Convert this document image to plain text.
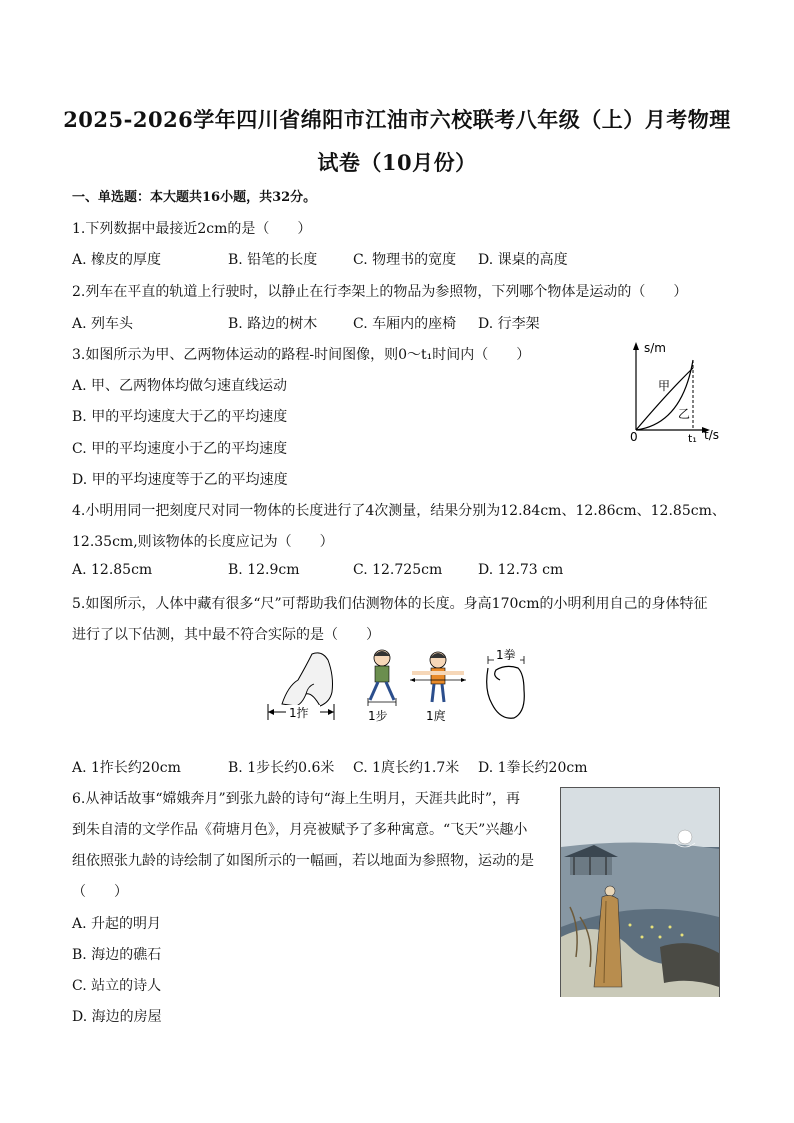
2025-2026学年四川省绵阳市江油市六校联考八年级（上）月考物理
试卷（10月份）
一、单选题：本大题共16小题，共32分。
1.下列数据中最接近2cm的是（　　）
A. 橡皮的厚度	B. 铅笔的长度	C. 物理书的宽度 D. 课桌的高度
2.列车在平直的轨道上行驶时，以静止在行李架上的物品为参照物，下列哪个物体是运动的（　　）
A. 列车头	B. 路边的树木	C. 车厢内的座椅 D. 行李架
3.如图所示为甲、乙两物体运动的路程-时间图像，则0～t₁时间内（　　）
A. 甲、乙两物体均做匀速直线运动
B. 甲的平均速度大于乙的平均速度
C. 甲的平均速度小于乙的平均速度
D. 甲的平均速度等于乙的平均速度
s/m
t/s
0	t₁
甲
乙
4.小明用同一把刻度尺对同一物体的长度进行了4次测量，结果分别为12.84cm、12.86cm、12.85cm、
12.35cm,则该物体的长度应记为（　　）
A. 12.85cm	B. 12.9cm	C. 12.725cm	D. 12.73 cm
5.如图所示，人体中藏有很多“尺”可帮助我们估测物体的长度。身高170cm的小明利用自己的身体特征
进行了以下估测，其中最不符合实际的是（　　）
1拃	1步	1庹
1拳
A. 1拃长约20cm	B. 1步长约0.6米 C. 1庹长约1.7米 D. 1拳长约20cm
6.从神话故事“嫦娥奔月”到张九龄的诗句“海上生明月，天涯共此时”，再
到朱自清的文学作品《荷塘月色》，月亮被赋予了多种寓意。“飞天”兴趣小
组依照张九龄的诗绘制了如图所示的一幅画，若以地面为参照物，运动的是
（　　）
A. 升起的明月
B. 海边的礁石
C. 站立的诗人
D. 海边的房屋
